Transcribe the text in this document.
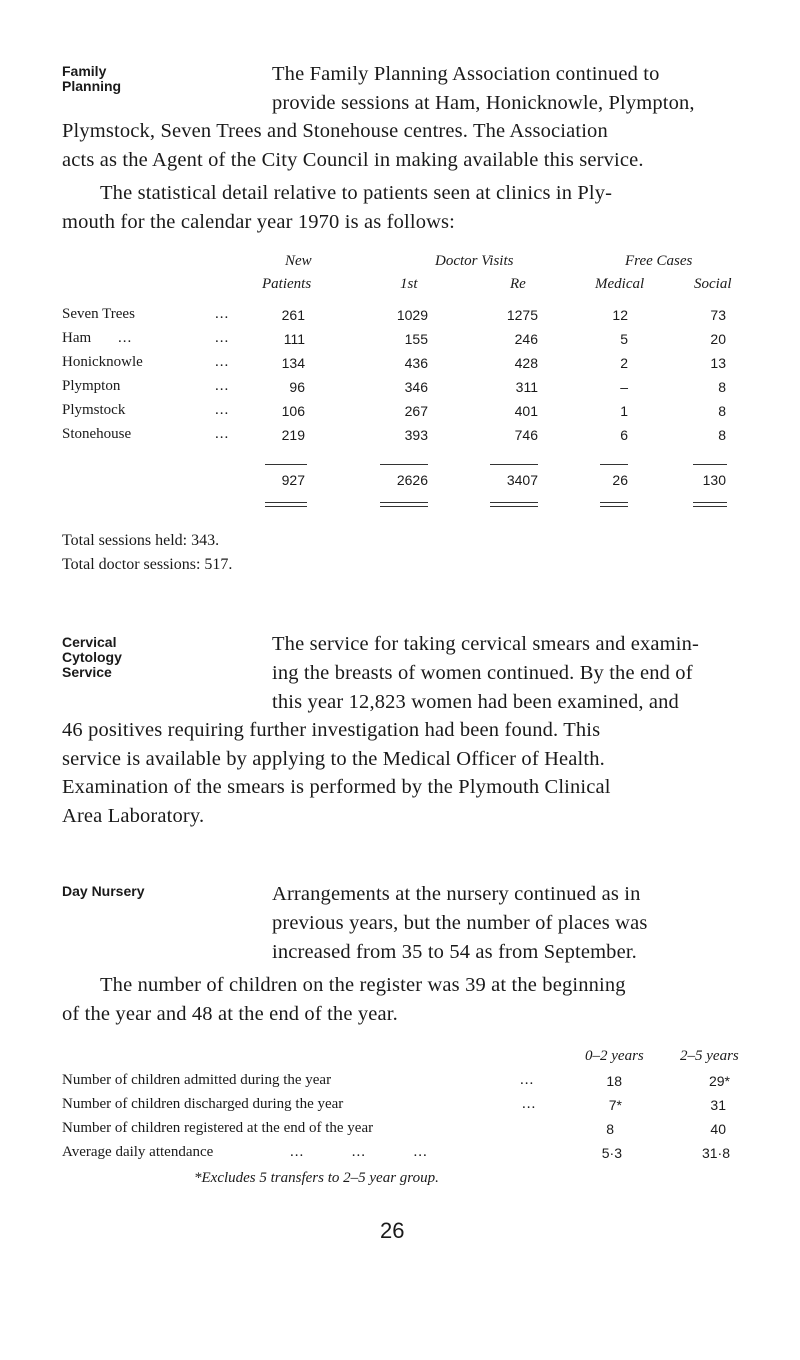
Family
Planning
The Family Planning Association continued to
provide sessions at Ham, Honicknowle, Plympton,
Plymstock, Seven Trees and Stonehouse centres. The Association
acts as the Agent of the City Council in making available this service.
The statistical detail relative to patients seen at clinics in Ply-
mouth for the calendar year 1970 is as follows:
New	Doctor Visits	Free Cases
Patients	1st	Re	Medical	Social
Seven Trees	...	261	1029	1275	12	73
Ham ...	...	111	155	246	5	20
Honicknowle	...	134	436	428	2	13
Plympton	...	96	346	311	–	8
Plymstock	...	106	267	401	1	8
Stonehouse	...	219	393	746	6	8
927	2626	3407	26	130
Total sessions held: 343.
Total doctor sessions: 517.
Cervical
Cytology
Service
The service for taking cervical smears and examin-
ing the breasts of women continued. By the end of
this year 12,823 women had been examined, and
46 positives requiring further investigation had been found. This
service is available by applying to the Medical Officer of Health.
Examination of the smears is performed by the Plymouth Clinical
Area Laboratory.
Day Nursery	Arrangements at the nursery continued as in
previous years, but the number of places was
increased from 35 to 54 as from September.
The number of children on the register was 39 at the beginning
of the year and 48 at the end of the year.
0–2 years 2–5 years
Number of children admitted during the year	...	18	29*
Number of children discharged during the year	...	7*	31
Number of children registered at the end of the year	8	40
Average daily attendance	...          ...          ...	5·3	31·8
*Excludes 5 transfers to 2–5 year group.
26
